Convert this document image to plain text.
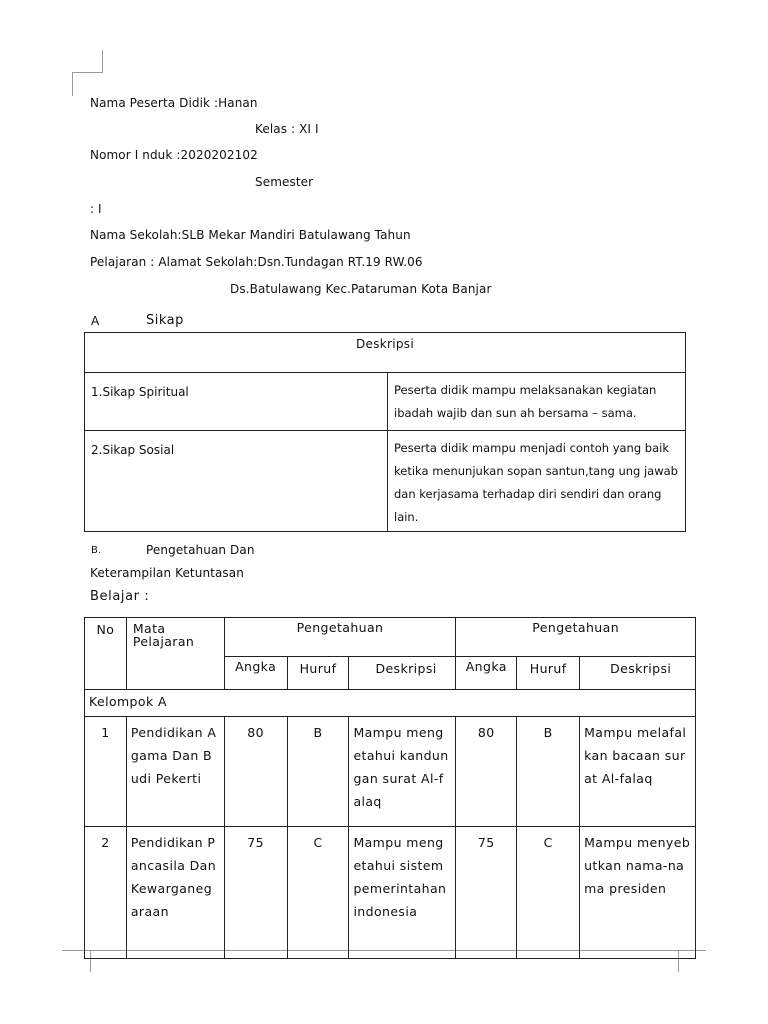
Nama Peserta Didik :Hanan
Kelas : XI I
Nomor I nduk :2020202102
Semester
: I
Nama Sekolah:SLB Mekar Mandiri Batulawang Tahun
Pelajaran : Alamat Sekolah:Dsn.Tundagan RT.19 RW.06
Ds.Batulawang Kec.Pataruman Kota Banjar
A	Sikap
Deskripsi	
1.Sikap Spiritual	Peserta didik mampu melaksanakan kegiatan ibadah wajib dan sun ah bersama – sama.
2.Sikap Sosial	Peserta didik mampu menjadi contoh yang baik ketika menunjukan sopan santun,tang ung jawab dan kerjasama terhadap diri sendiri dan orang lain.
B.	Pengetahuan Dan
Keterampilan Ketuntasan
Belajar :
No	Mata Pelajaran	Pengetahuan			Pengetahuan		
		Angka	Huruf	Deskripsi	Angka	Huruf	Deskripsi
Kelompok A							
1	Pendidikan Agama Dan Budi Pekerti	80	B	Mampu mengetahui kandungan surat Al-falaq	80	B	Mampu melafalkan bacaan surat Al-falaq
2	Pendidikan Pancasila Dan Kewarganegaraan	75	C	Mampu mengetahui sistem pemerintahan indonesia	75	C	Mampu menyebutkan nama-nama presiden
